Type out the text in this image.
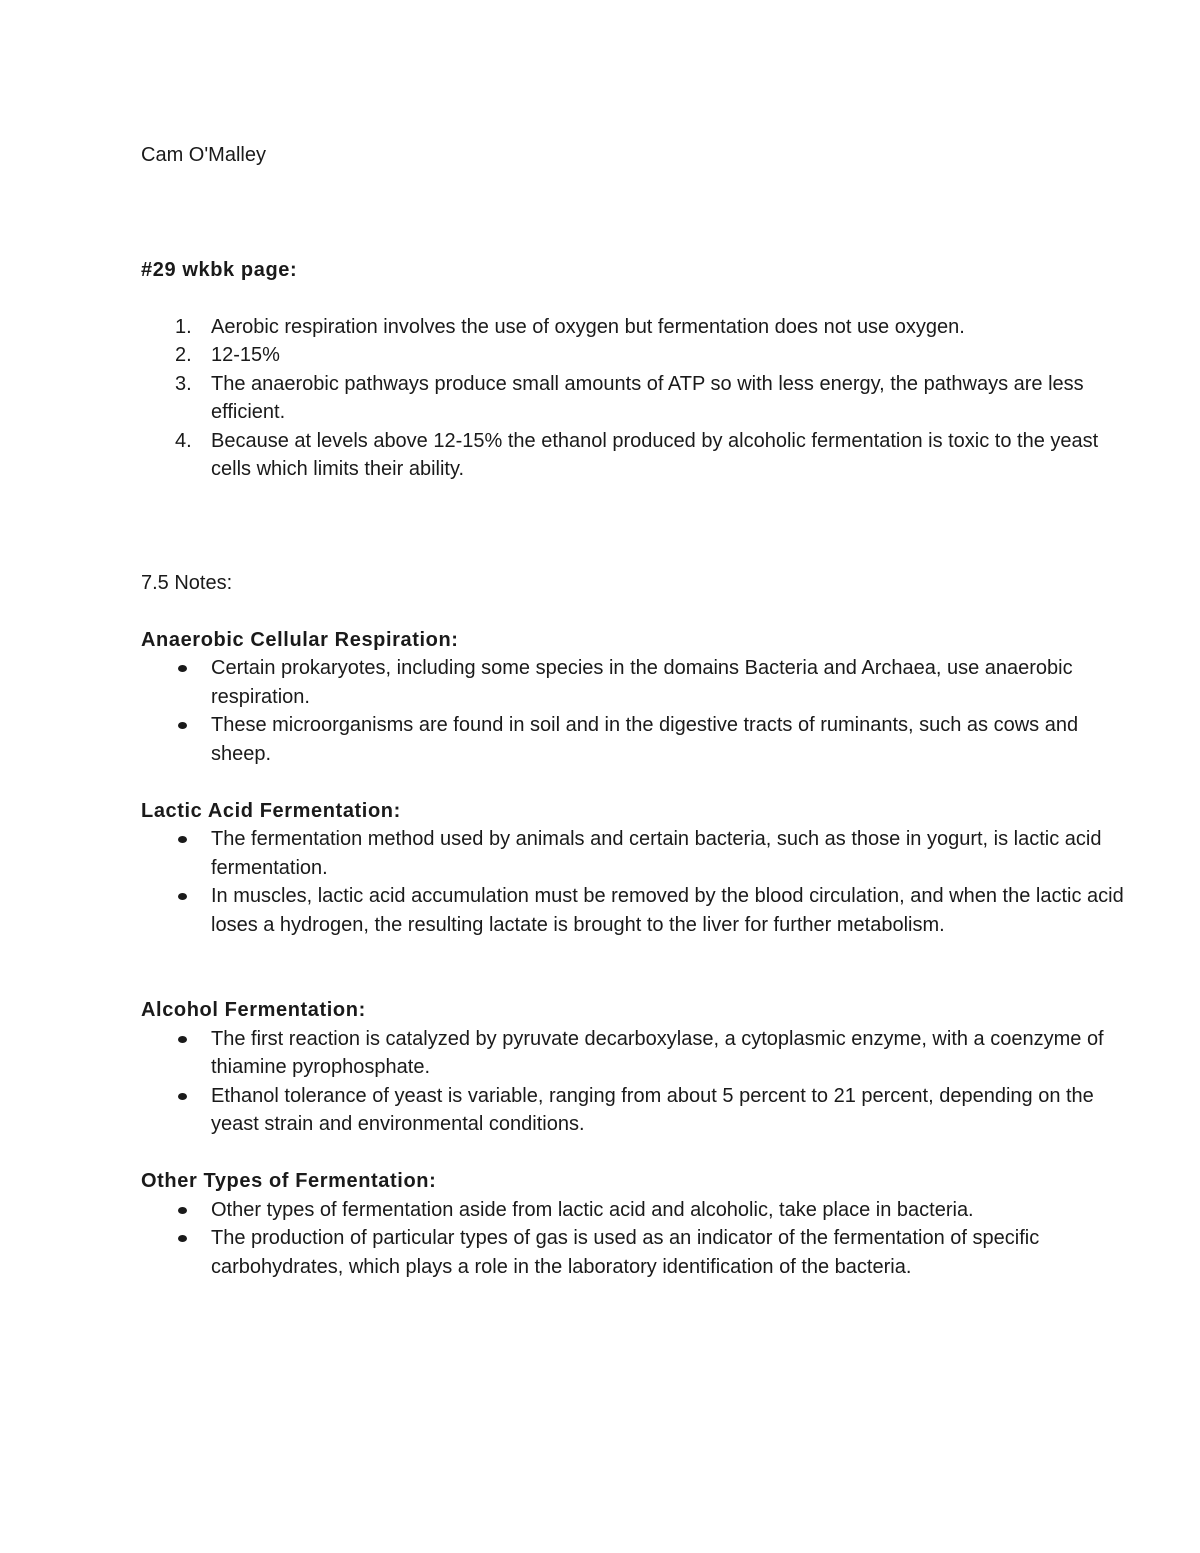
Cam O'Malley

#29 wkbk page:

1. Aerobic respiration involves the use of oxygen but fermentation does not use oxygen.
2. 12-15%
3. The anaerobic pathways produce small amounts of ATP so with less energy, the pathways are less efficient.
4. Because at levels above 12-15% the ethanol produced by alcoholic fermentation is toxic to the yeast cells which limits their ability.

7.5 Notes:

Anaerobic Cellular Respiration:

Certain prokaryotes, including some species in the domains Bacteria and Archaea, use anaerobic respiration.
These microorganisms are found in soil and in the digestive tracts of ruminants, such as cows and sheep.

Lactic Acid Fermentation:

The fermentation method used by animals and certain bacteria, such as those in yogurt, is lactic acid fermentation.
In muscles, lactic acid accumulation must be removed by the blood circulation, and when the lactic acid loses a hydrogen, the resulting lactate is brought to the liver for further metabolism.

Alcohol Fermentation:

The first reaction is catalyzed by pyruvate decarboxylase, a cytoplasmic enzyme, with a coenzyme of thiamine pyrophosphate.
Ethanol tolerance of yeast is variable, ranging from about 5 percent to 21 percent, depending on the yeast strain and environmental conditions.

Other Types of Fermentation:

Other types of fermentation aside from lactic acid and alcoholic, take place in bacteria.
The production of particular types of gas is used as an indicator of the fermentation of specific carbohydrates, which plays a role in the laboratory identification of the bacteria.
